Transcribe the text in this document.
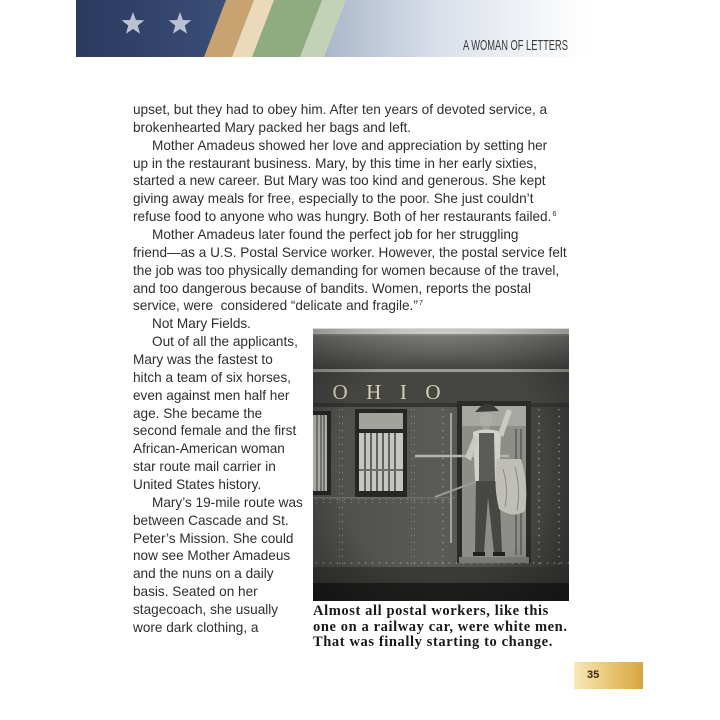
A WOMAN OF LETTERS
upset, but they had to obey him. After ten years of devoted service, a
brokenhearted Mary packed her bags and left.
Mother Amadeus showed her love and appreciation by setting her
up in the restaurant business. Mary, by this time in her early sixties,
started a new career. But Mary was too kind and generous. She kept
giving away meals for free, especially to the poor. She just couldn’t
refuse food to anyone who was hungry. Both of her restaurants failed.$^6$
Mother Amadeus later found the perfect job for her struggling
friend—as a U.S. Postal Service worker. However, the postal service felt
the job was too physically demanding for women because of the travel,
and too dangerous because of bandits. Women, reports the postal
service, were  considered “delicate and fragile.”$^7$
Not Mary Fields.
Out of all the applicants,
Mary was the fastest to
hitch a team of six horses,
even against men half her
age. She became the
second female and the first
African-American woman
star route mail carrier in
United States history.
Mary’s 19-mile route was
between Cascade and St.
Peter’s Mission. She could
now see Mother Amadeus
and the nuns on a daily
basis. Seated on her
stagecoach, she usually
wore dark clothing, a
Almost all postal workers, like this
one on a railway car, were white men.
That was finally starting to change.
35
